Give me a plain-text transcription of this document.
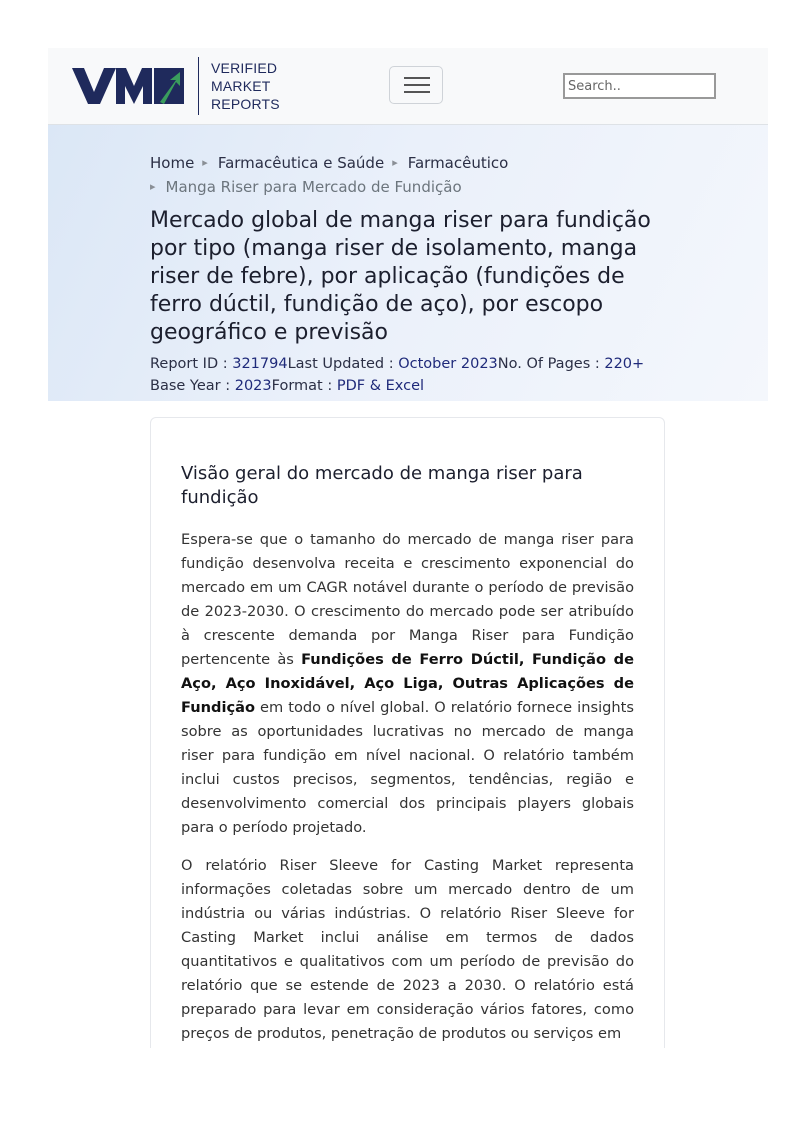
VERIFIED
MARKET
REPORTS
Search..
Home ▸ Farmacêutica e Saúde ▸ Farmacêutico
▸ Manga Riser para Mercado de Fundição
Mercado global de manga riser para fundição por tipo (manga riser de isolamento, manga riser de febre), por aplicação (fundições de ferro dúctil, fundição de aço), por escopo geográfico e previsão
Report ID : 321794Last Updated : October 2023No. Of Pages : 220+
Base Year : 2023Format : PDF & Excel
Visão geral do mercado de manga riser para fundição

Espera-se que o tamanho do mercado de manga riser para fundição desenvolva receita e crescimento exponencial do mercado em um CAGR notável durante o período de previsão de 2023-2030. O crescimento do mercado pode ser atribuído à crescente demanda por Manga Riser para Fundição pertencente às Fundições de Ferro Dúctil, Fundição de Aço, Aço Inoxidável, Aço Liga, Outras Aplicações de Fundição em todo o nível global. O relatório fornece insights sobre as oportunidades lucrativas no mercado de manga riser para fundição em nível nacional. O relatório também inclui custos precisos, segmentos, tendências, região e desenvolvimento comercial dos principais players globais para o período projetado.

O relatório Riser Sleeve for Casting Market representa informações coletadas sobre um mercado dentro de um indústria ou várias indústrias. O relatório Riser Sleeve for Casting Market inclui análise em termos de dados quantitativos e qualitativos com um período de previsão do relatório que se estende de 2023 a 2030. O relatório está preparado para levar em consideração vários fatores, como preços de produtos, penetração de produtos ou serviços em
